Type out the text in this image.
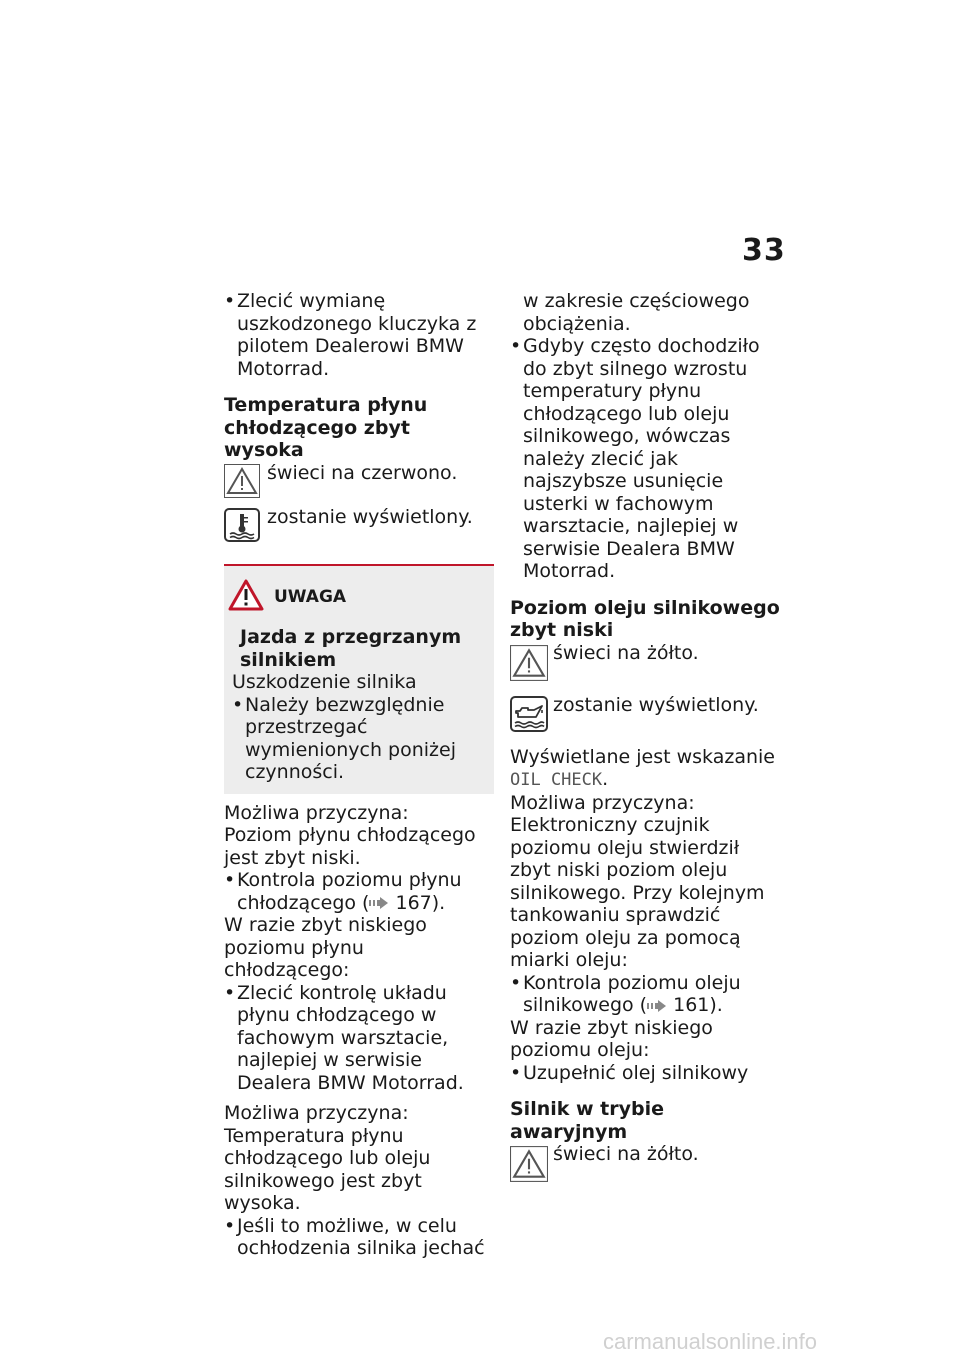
33

• Zlecić wymianę uszkodzonego kluczyka z pilotem Dealerowi BMW Motorrad.

Temperatura płynu chłodzącego zbyt wysoka

świeci na czerwono.
zostanie wyświetlony.
UWAGA
Jazda z przegrzanym silnikiem

Uszkodzenie silnika

• Należy bezwzględnie przestrzegać wymienionych poniżej czynności.

Możliwa przyczyna:

Poziom płynu chłodzącego jest zbyt niski.

• Kontrola poziomu płynu chłodzącego ( 167).

W razie zbyt niskiego poziomu płynu chłodzącego:

• Zlecić kontrolę układu płynu chłodzącego w fachowym warsztacie, najlepiej w serwisie Dealera BMW Motorrad.

Możliwa przyczyna:

Temperatura płynu chłodzącego lub oleju silnikowego jest zbyt wysoka.

• Jeśli to możliwe, w celu ochłodzenia silnika jechać

w zakresie częściowego obciążenia.

• Gdyby często dochodziło do zbyt silnego wzrostu temperatury płynu chłodzącego lub oleju silnikowego, wówczas należy zlecić jak najszybsze usunięcie usterki w fachowym warsztacie, najlepiej w serwisie Dealera BMW Motorrad.

Poziom oleju silnikowego zbyt niski

świeci na żółto.
zostanie wyświetlony.

Wyświetlane jest wskazanie
OIL CHECK.

Możliwa przyczyna:

Elektroniczny czujnik poziomu oleju stwierdził zbyt niski poziom oleju silnikowego. Przy kolejnym tankowaniu sprawdzić poziom oleju za pomocą miarki oleju:

• Kontrola poziomu oleju silnikowego ( 161).

W razie zbyt niskiego poziomu oleju:

• Uzupełnić olej silnikowy

Silnik w trybie awaryjnym

świeci na żółto.
carmanualsonline.info
